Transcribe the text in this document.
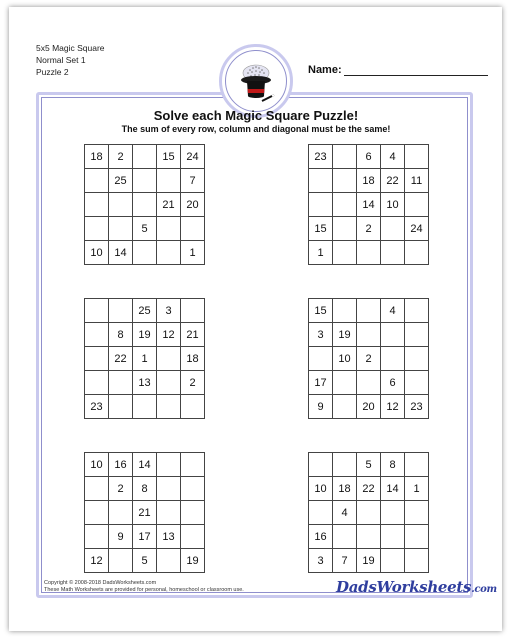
5x5 Magic Square
Normal Set 1
Puzzle 2	Name:
Solve each Magic Square Puzzle!
The sum of every row, column and diagonal must be the same!
18	2		15	24
	25			7
			21	20
		5		
10	14			1
23		6	4	
		18	22	11
		14	10	
15		2		24
1				
		25	3	
	8	19	12	21
	22	1		18
		13		2
23				
15			4	
3	19			
	10	2		
17			6	
9		20	12	23
10	16	14		
	2	8		
		21		
	9	17	13	
12		5		19
		5	8	
10	18	22	14	1
	4			
16				
3	7	19		
Copyright © 2008-2018 DadsWorksheets.com
These Math Worksheets are provided for personal, homeschool or classroom use.	DadsWorksheets.com
